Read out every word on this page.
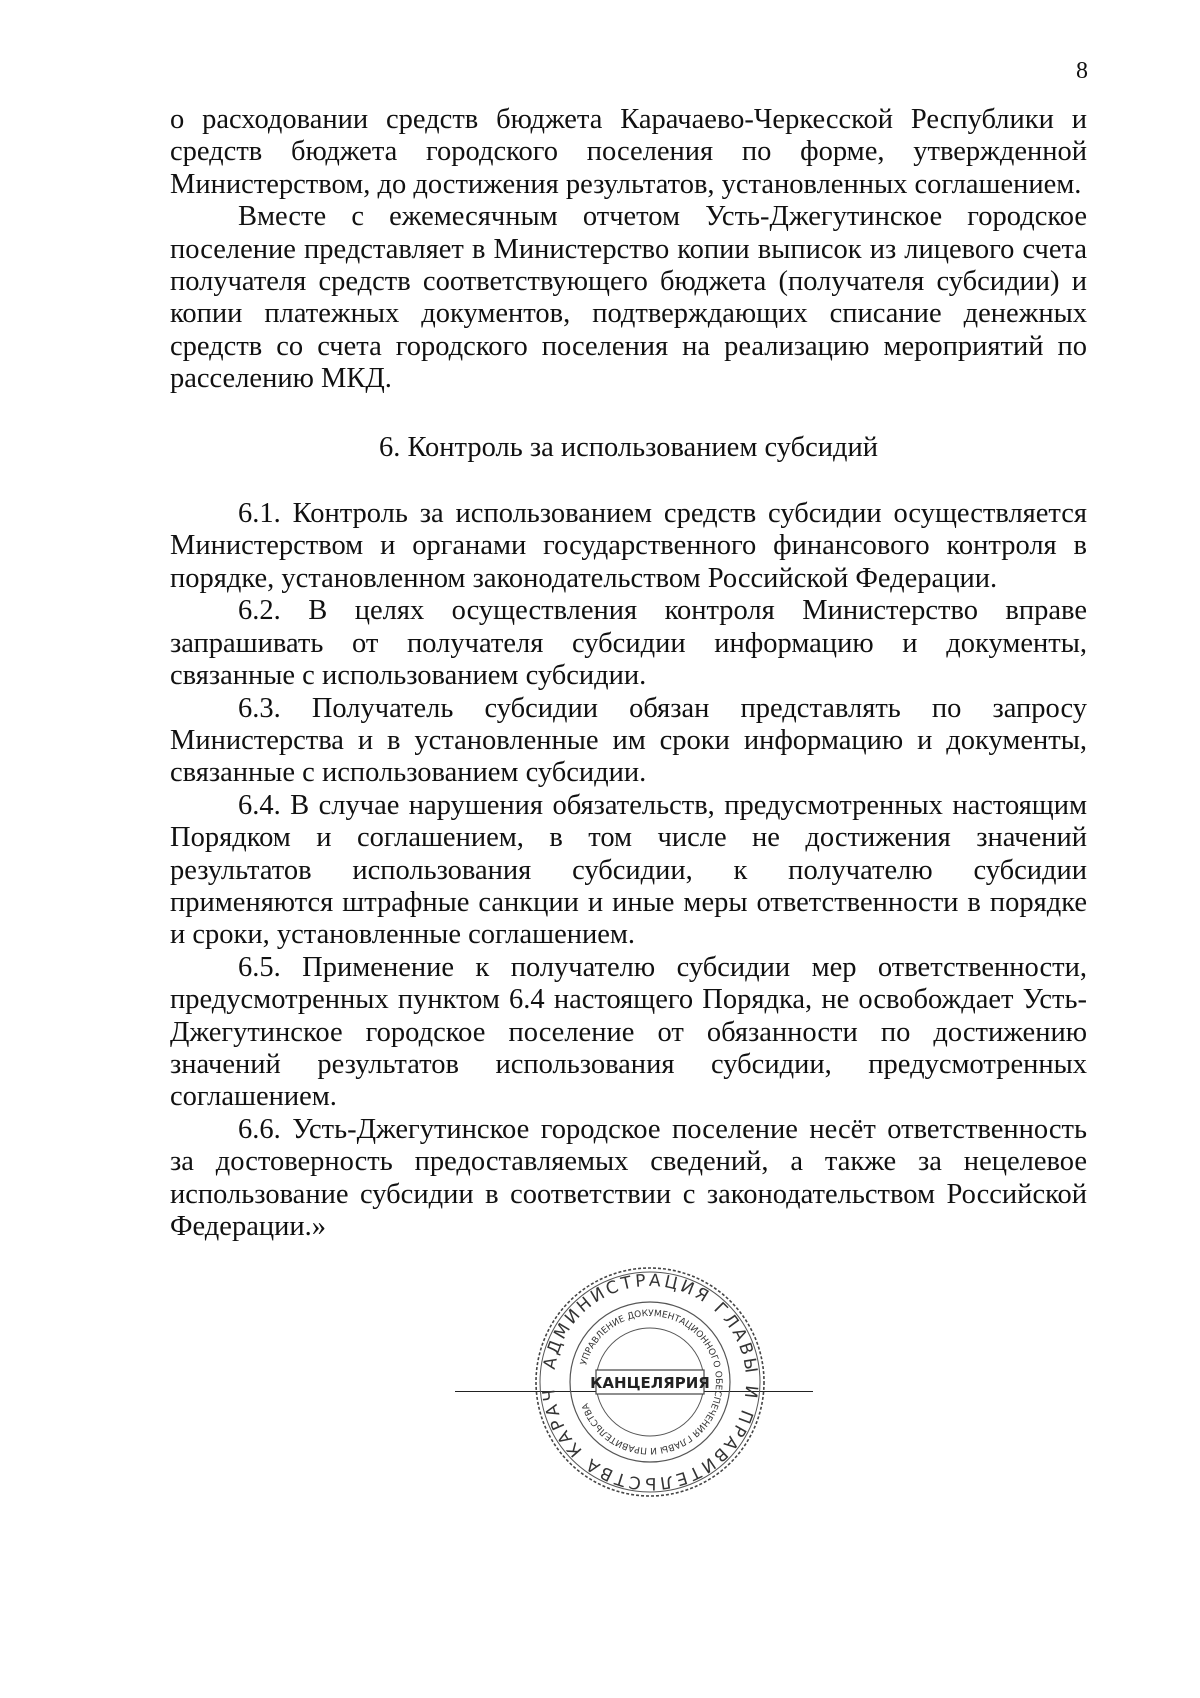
8

о расходовании средств бюджета Карачаево-Черкесской Республики и средств бюджета городского поселения по форме, утвержденной Министерством, до достижения результатов, установленных соглашением.

Вместе с ежемесячным отчетом Усть-Джегутинское городское поселение представляет в Министерство копии выписок из лицевого счета получателя средств соответствующего бюджета (получателя субсидии) и копии платежных документов, подтверждающих списание денежных средств со счета городского поселения на реализацию мероприятий по расселению МКД.

6. Контроль за использованием субсидий

6.1. Контроль за использованием средств субсидии осуществляется Министерством и органами государственного финансового контроля в порядке, установленном законодательством Российской Федерации.

6.2. В целях осуществления контроля Министерство вправе запрашивать от получателя субсидии информацию и документы, связанные с использованием субсидии.

6.3. Получатель субсидии обязан представлять по запросу Министерства и в установленные им сроки информацию и документы, связанные с использованием субсидии.

6.4. В случае нарушения обязательств, предусмотренных настоящим Порядком и соглашением, в том числе не достижения значений результатов использования субсидии, к получателю субсидии применяются штрафные санкции и иные меры ответственности в порядке и сроки, установленные соглашением.

6.5. Применение к получателю субсидии мер ответственности, предусмотренных пунктом 6.4 настоящего Порядка, не освобождает Усть-Джегутинское городское поселение от обязанности по достижению значений результатов использования субсидии, предусмотренных соглашением.

6.6. Усть-Джегутинское городское поселение несёт ответственность за достоверность предоставляемых сведений, а также за нецелевое использование субсидии в соответствии с законодательством Российской Федерации.»

АДМИНИСТРАЦИЯ ГЛАВЫ И ПРАВИТЕЛЬСТВА КАРАЧ
УПРАВЛЕНИЕ ДОКУМЕНТАЦИОННОГО ОБЕСПЕЧЕНИЯ ГЛАВЫ И ПРАВИТЕЛЬСТВА
КАНЦЕЛЯРИЯ
